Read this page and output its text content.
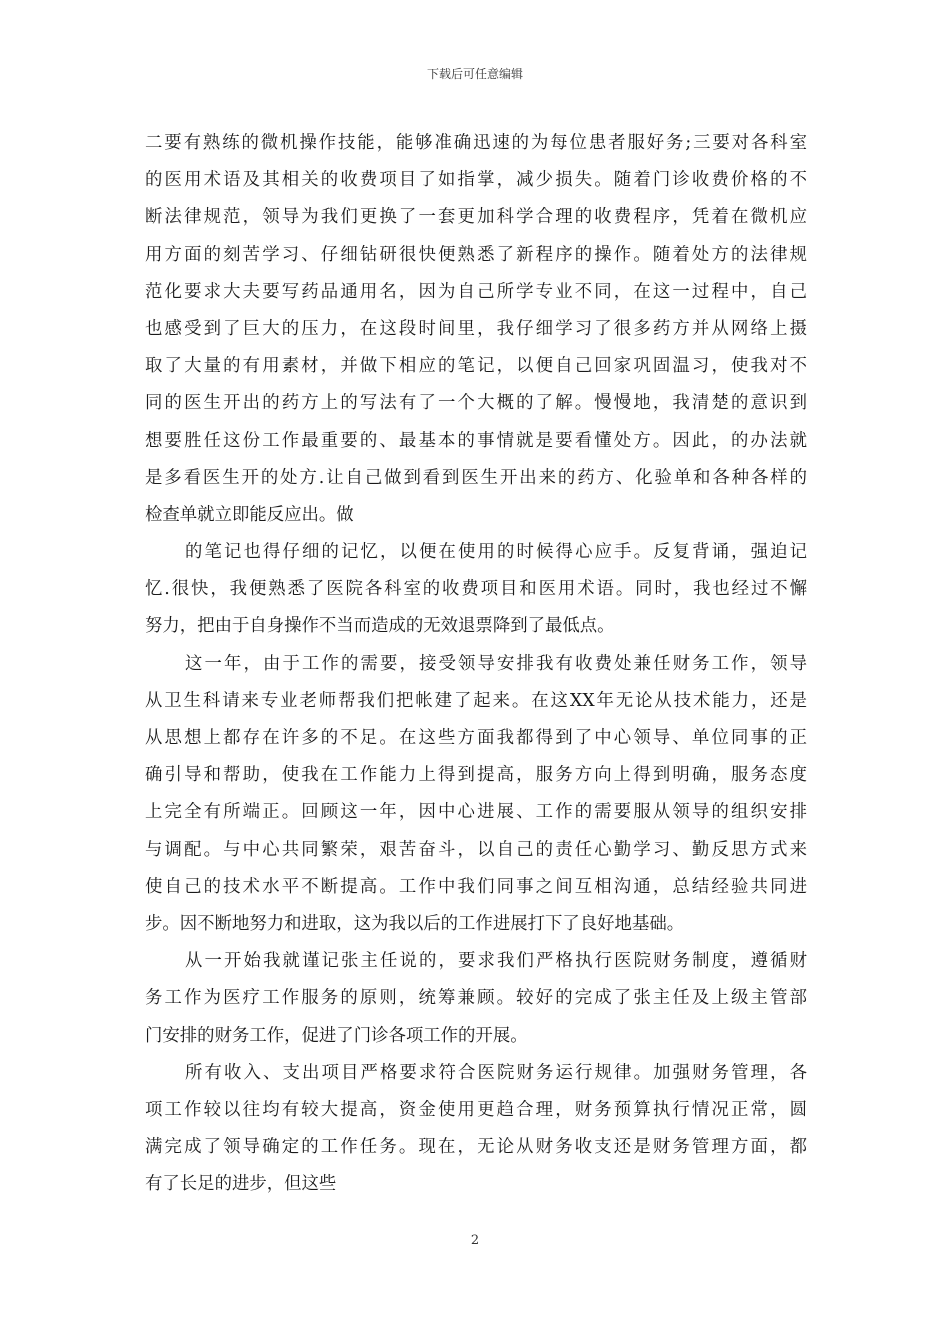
下载后可任意编辑
二要有熟练的微机操作技能，能够准确迅速的为每位患者服好务;三要对各科室
的医用术语及其相关的收费项目了如指掌，减少损失。随着门诊收费价格的不
断法律规范，领导为我们更换了一套更加科学合理的收费程序，凭着在微机应
用方面的刻苦学习、仔细钻研很快便熟悉了新程序的操作。随着处方的法律规
范化要求大夫要写药品通用名，因为自己所学专业不同，在这一过程中，自己
也感受到了巨大的压力，在这段时间里，我仔细学习了很多药方并从网络上摄
取了大量的有用素材，并做下相应的笔记，以便自己回家巩固温习，使我对不
同的医生开出的药方上的写法有了一个大概的了解。慢慢地，我清楚的意识到
想要胜任这份工作最重要的、最基本的事情就是要看懂处方。因此，的办法就
是多看医生开的处方.让自己做到看到医生开出来的药方、化验单和各种各样的
检查单就立即能反应出。做
的笔记也得仔细的记忆，以便在使用的时候得心应手。反复背诵，强迫记
忆.很快，我便熟悉了医院各科室的收费项目和医用术语。同时，我也经过不懈
努力，把由于自身操作不当而造成的无效退票降到了最低点。
这一年，由于工作的需要，接受领导安排我有收费处兼任财务工作，领导
从卫生科请来专业老师帮我们把帐建了起来。在这XX年无论从技术能力，还是
从思想上都存在许多的不足。在这些方面我都得到了中心领导、单位同事的正
确引导和帮助，使我在工作能力上得到提高，服务方向上得到明确，服务态度
上完全有所端正。回顾这一年，因中心进展、工作的需要服从领导的组织安排
与调配。与中心共同繁荣，艰苦奋斗，以自己的责任心勤学习、勤反思方式来
使自己的技术水平不断提高。工作中我们同事之间互相沟通，总结经验共同进
步。因不断地努力和进取，这为我以后的工作进展打下了良好地基础。
从一开始我就谨记张主任说的，要求我们严格执行医院财务制度，遵循财
务工作为医疗工作服务的原则，统筹兼顾。较好的完成了张主任及上级主管部
门安排的财务工作，促进了门诊各项工作的开展。
所有收入、支出项目严格要求符合医院财务运行规律。加强财务管理，各
项工作较以往均有较大提高，资金使用更趋合理，财务预算执行情况正常，圆
满完成了领导确定的工作任务。现在，无论从财务收支还是财务管理方面，都
有了长足的进步，但这些
2
